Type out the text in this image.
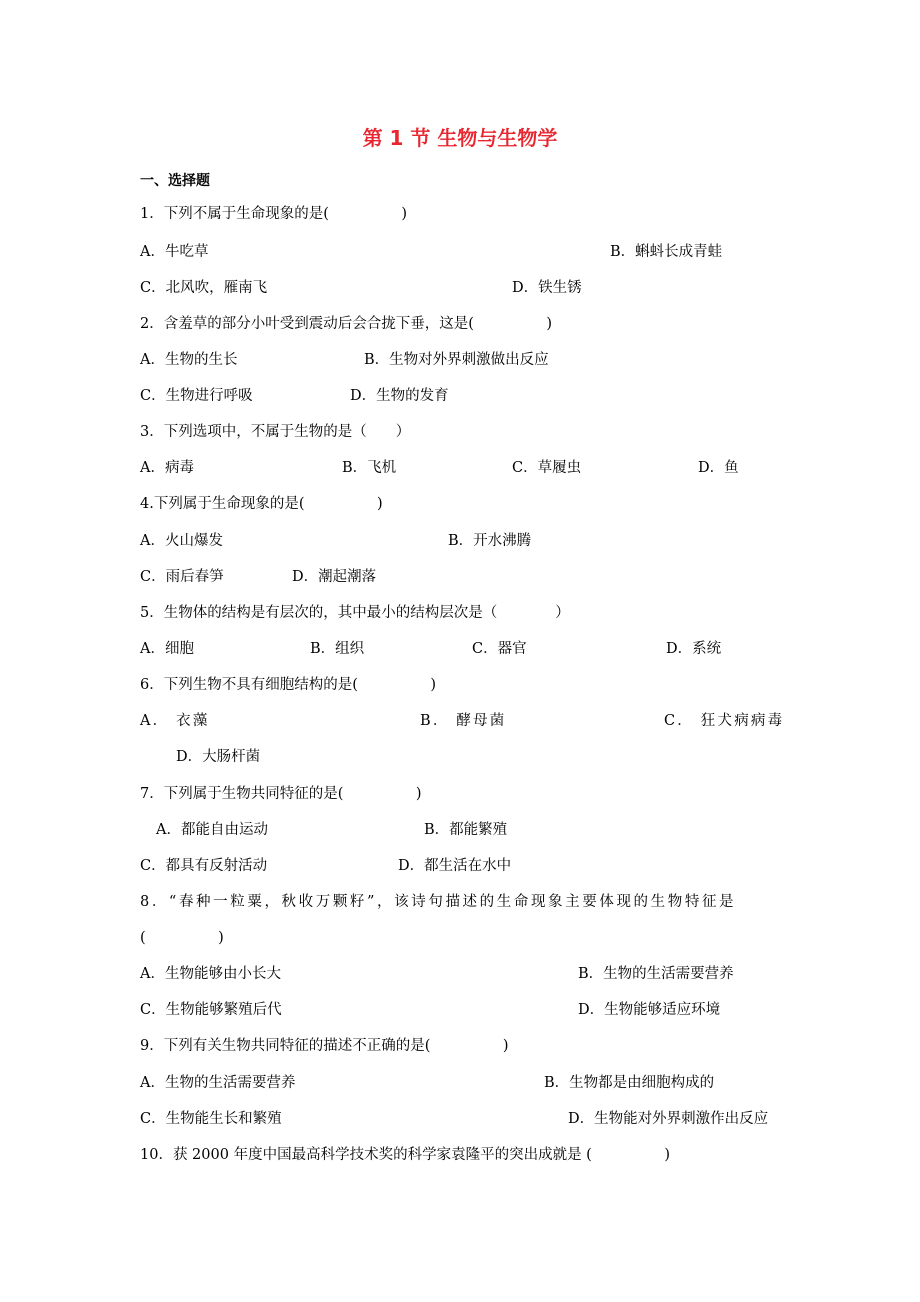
第 1 节 生物与生物学
一、选择题
1．下列不属于生命现象的是(　　　　　)
A．牛吃草	B．蝌蚪长成青蛙
C．北风吹，雁南飞	D．铁生锈
2．含羞草的部分小叶受到震动后会合拢下垂，这是(　　　　　)
A．生物的生长	B．生物对外界刺激做出反应
C．生物进行呼吸	D．生物的发育
3．下列选项中，不属于生物的是（　　）
A．病毒	B．飞机	C．草履虫	D．鱼
4.下列属于生命现象的是(　　　　　)
A．火山爆发	B．开水沸腾
C．雨后春笋	D．潮起潮落
5．生物体的结构是有层次的，其中最小的结构层次是（　　　　）
A．细胞	B．组织	C．器官	D．系统
6．下列生物不具有细胞结构的是(　　　　　)
A． 衣藻	B． 酵母菌	C． 狂犬病病毒
D．大肠杆菌
7．下列属于生物共同特征的是(　　　　　)
A．都能自由运动	B．都能繁殖
C．都具有反射活动	D．都生活在水中
8．“春种一粒粟，秋收万颗籽”，该诗句描述的生命现象主要体现的生物特征是
(　　　　　)
A．生物能够由小长大	B．生物的生活需要营养
C．生物能够繁殖后代	D．生物能够适应环境
9．下列有关生物共同特征的描述不正确的是(　　　　　)
A．生物的生活需要营养	B．生物都是由细胞构成的
C．生物能生长和繁殖	D．生物能对外界刺激作出反应
10．获 2000 年度中国最高科学技术奖的科学家袁隆平的突出成就是 (　　　　　)
